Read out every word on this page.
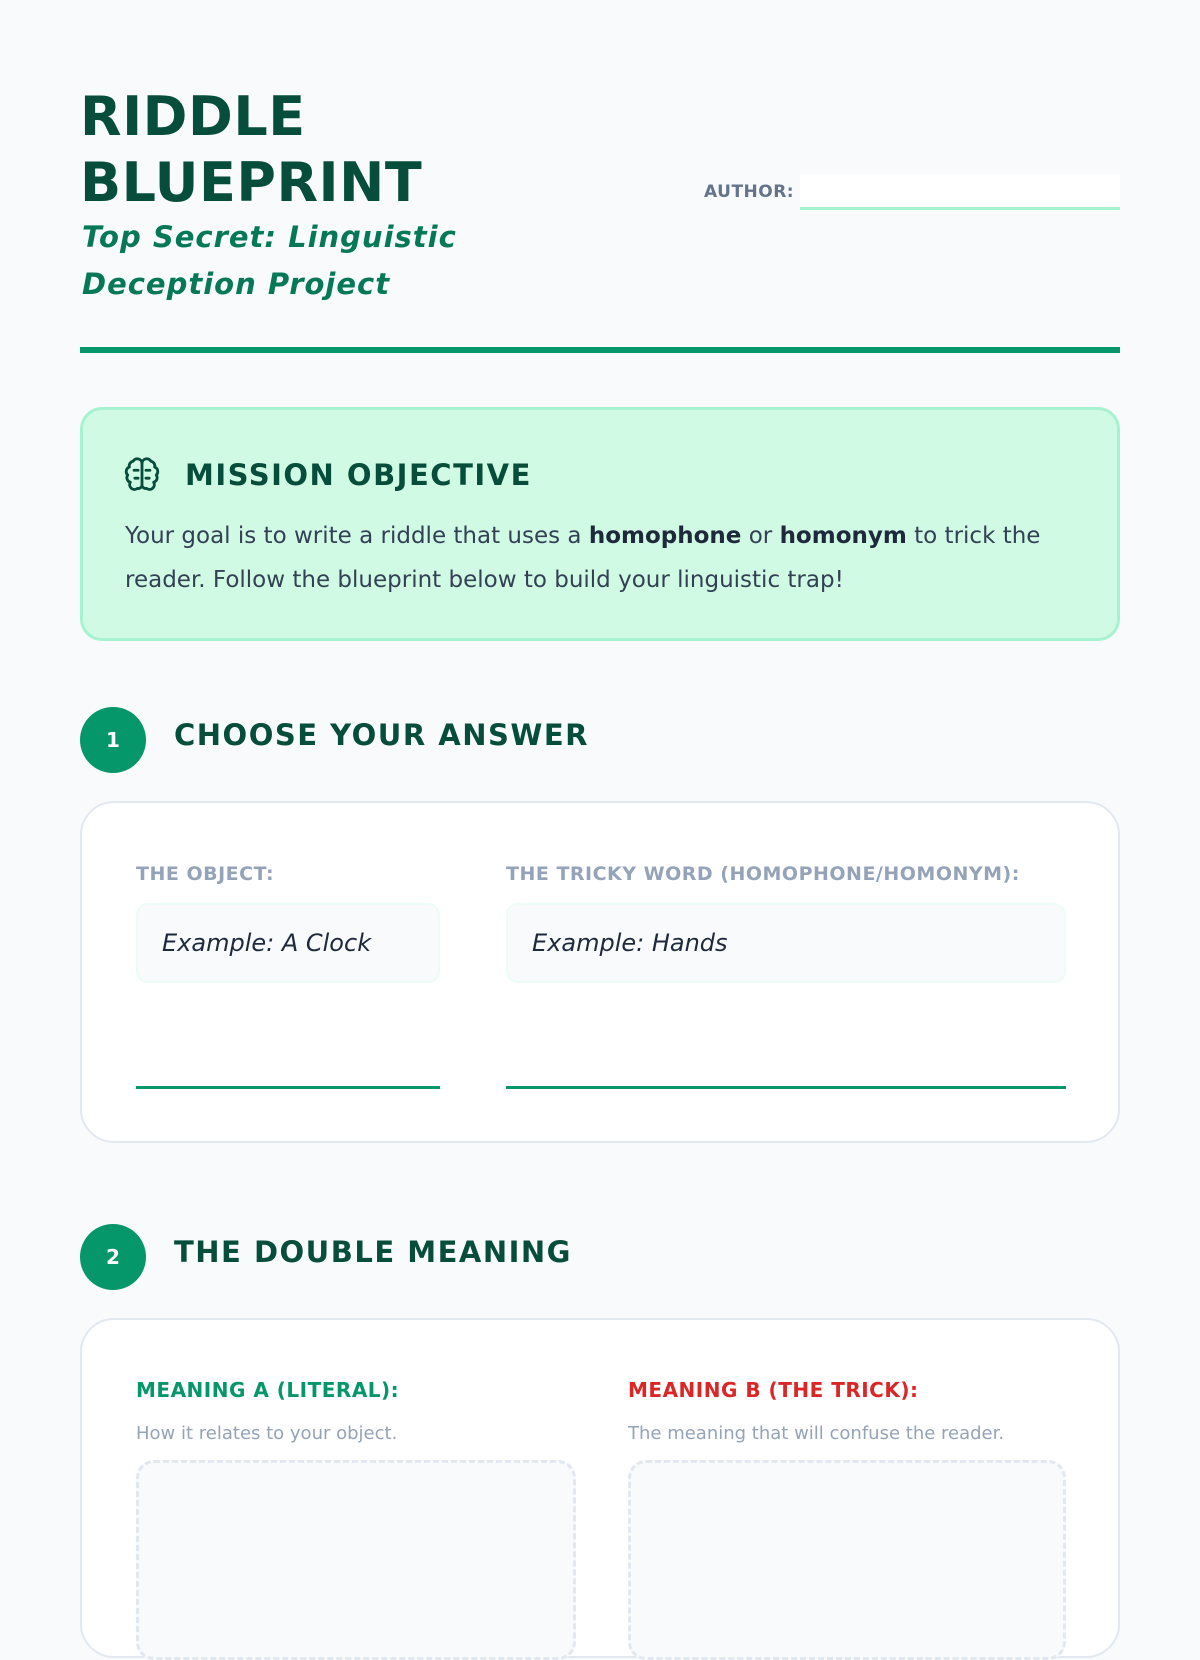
RIDDLE
BLUEPRINT

Top Secret: Linguistic Deception Project

AUTHOR:
MISSION OBJECTIVE

Your goal is to write a riddle that uses a homophone or homonym to trick the reader. Follow the blueprint below to build your linguistic trap!

1	CHOOSE YOUR ANSWER

THE OBJECT:

Example: A Clock

THE TRICKY WORD (HOMOPHONE/HOMONYM):

Example: Hands
2	THE DOUBLE MEANING

MEANING A (LITERAL):

How it relates to your object.

MEANING B (THE TRICK):

The meaning that will confuse the reader.
